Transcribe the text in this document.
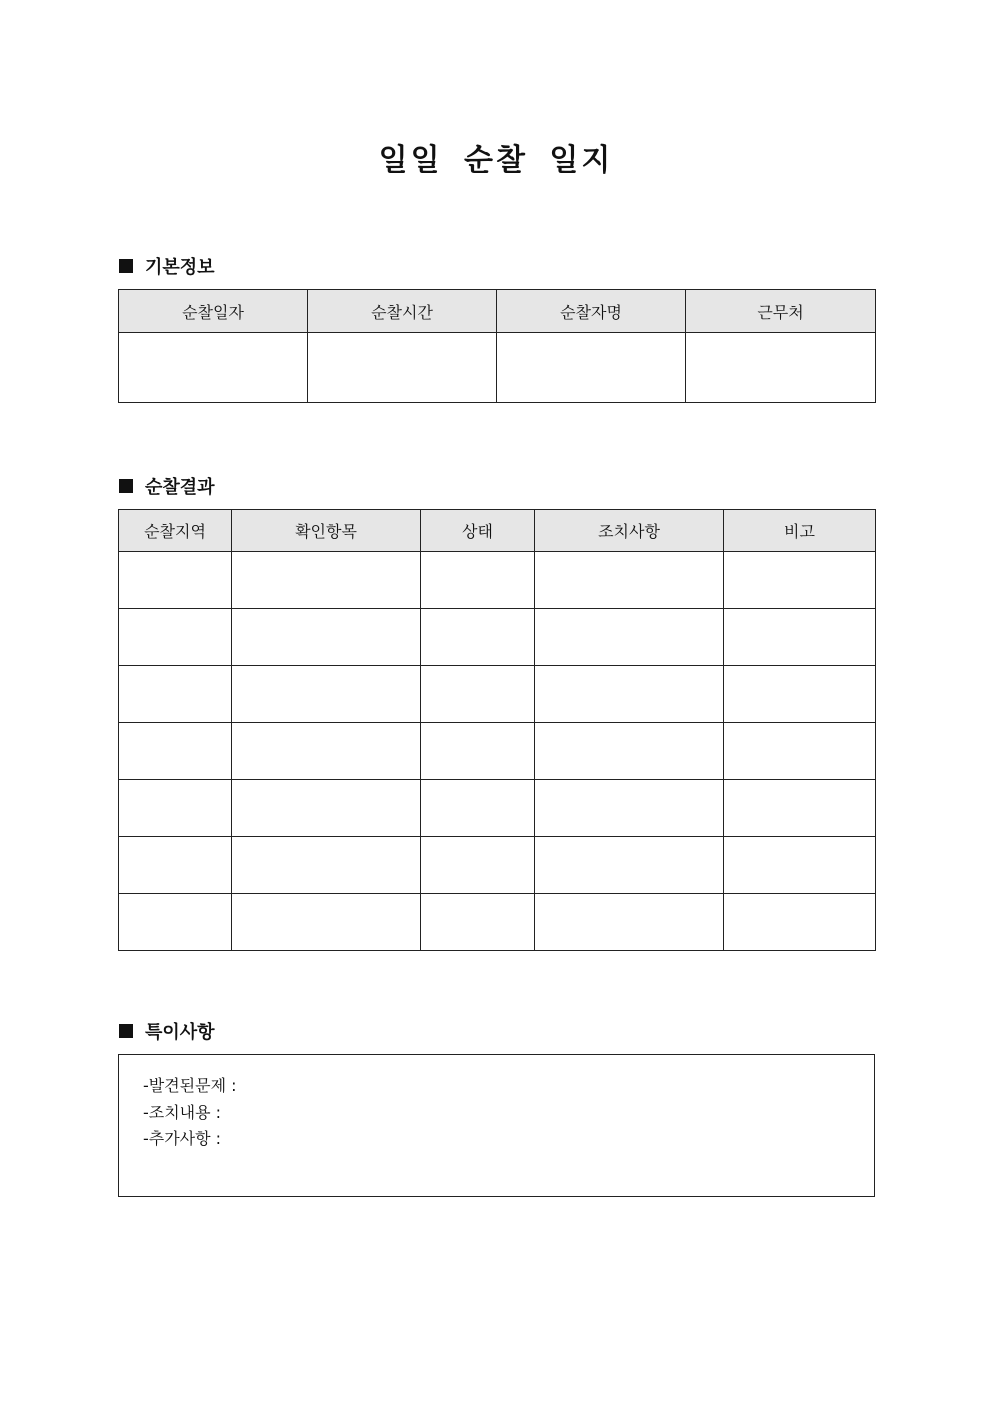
일일 순찰 일지
기본정보
순찰일자	순찰시간	순찰자명	근무처

순찰결과
순찰지역	확인항목	상태	조치사항	비고

특이사항
-발견된문제 :
-조치내용 :
-추가사항 :
